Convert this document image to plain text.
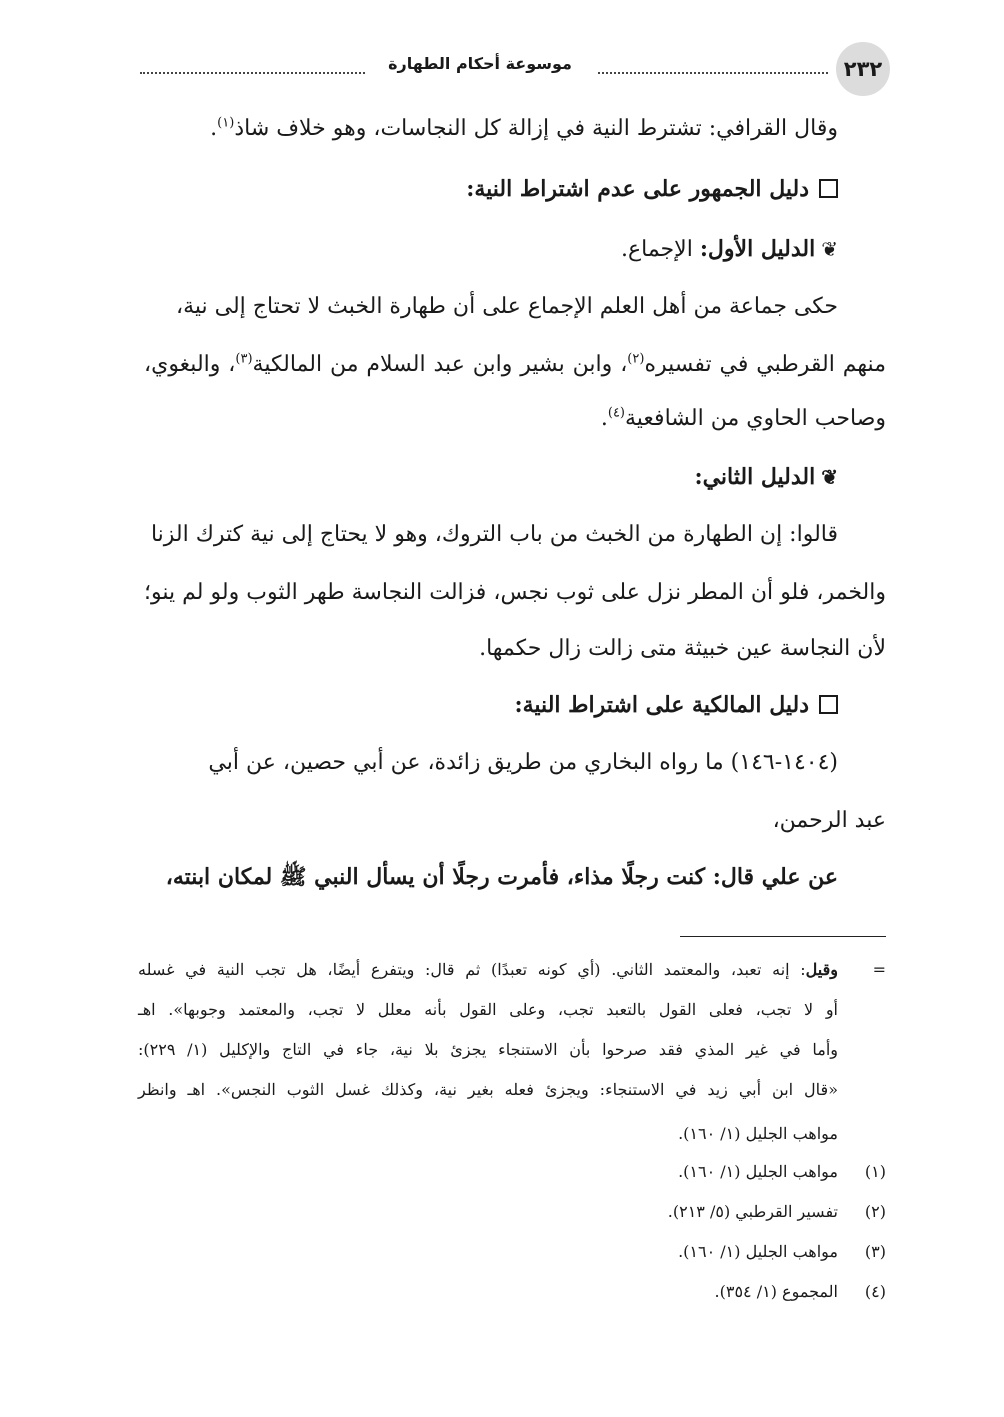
٢٣٢
موسوعة أحكام الطهارة
وقال القرافي: تشترط النية في إزالة كل النجاسات، وهو خلاف شاذ$^{(١)}$.
دليل الجمهور على عدم اشتراط النية:
❦الدليل الأول: الإجماع.
حكى جماعة من أهل العلم الإجماع على أن طهارة الخبث لا تحتاج إلى نية،
منهم القرطبي في تفسيره$^{(٢)}$، وابن بشير وابن عبد السلام من المالكية$^{(٣)}$، والبغوي،
وصاحب الحاوي من الشافعية$^{(٤)}$.
❦الدليل الثاني:
قالوا: إن الطهارة من الخبث من باب التروك، وهو لا يحتاج إلى نية كترك الزنا
والخمر، فلو أن المطر نزل على ثوب نجس، فزالت النجاسة طهر الثوب ولو لم ينو؛
لأن النجاسة عين خبيثة متى زالت زال حكمها.
دليل المالكية على اشتراط النية:
(١٤٠٤-١٤٦) ما رواه البخاري من طريق زائدة، عن أبي حصين، عن أبي
عبد الرحمن،
عن علي قال: كنت رجلًا مذاء، فأمرت رجلًا أن يسأل النبي ﷺ لمكان ابنته،
=
وقيل: إنه تعبد، والمعتمد الثاني. (أي كونه تعبدًا) ثم قال: ويتفرع أيضًا، هل تجب النية في غسله
أو لا تجب، فعلى القول بالتعبد تجب، وعلى القول بأنه معلل لا تجب، والمعتمد وجوبها». اهـ
وأما في غير المذي فقد صرحوا بأن الاستنجاء يجزئ بلا نية، جاء في التاج والإكليل (١/ ٢٢٩):
«قال ابن أبي زيد في الاستنجاء: ويجزئ فعله بغير نية، وكذلك غسل الثوب النجس». اهـ وانظر
مواهب الجليل (١/ ١٦٠).
(١)
مواهب الجليل (١/ ١٦٠).
(٢)
تفسير القرطبي (٥/ ٢١٣).
(٣)
مواهب الجليل (١/ ١٦٠).
(٤)
المجموع (١/ ٣٥٤).
